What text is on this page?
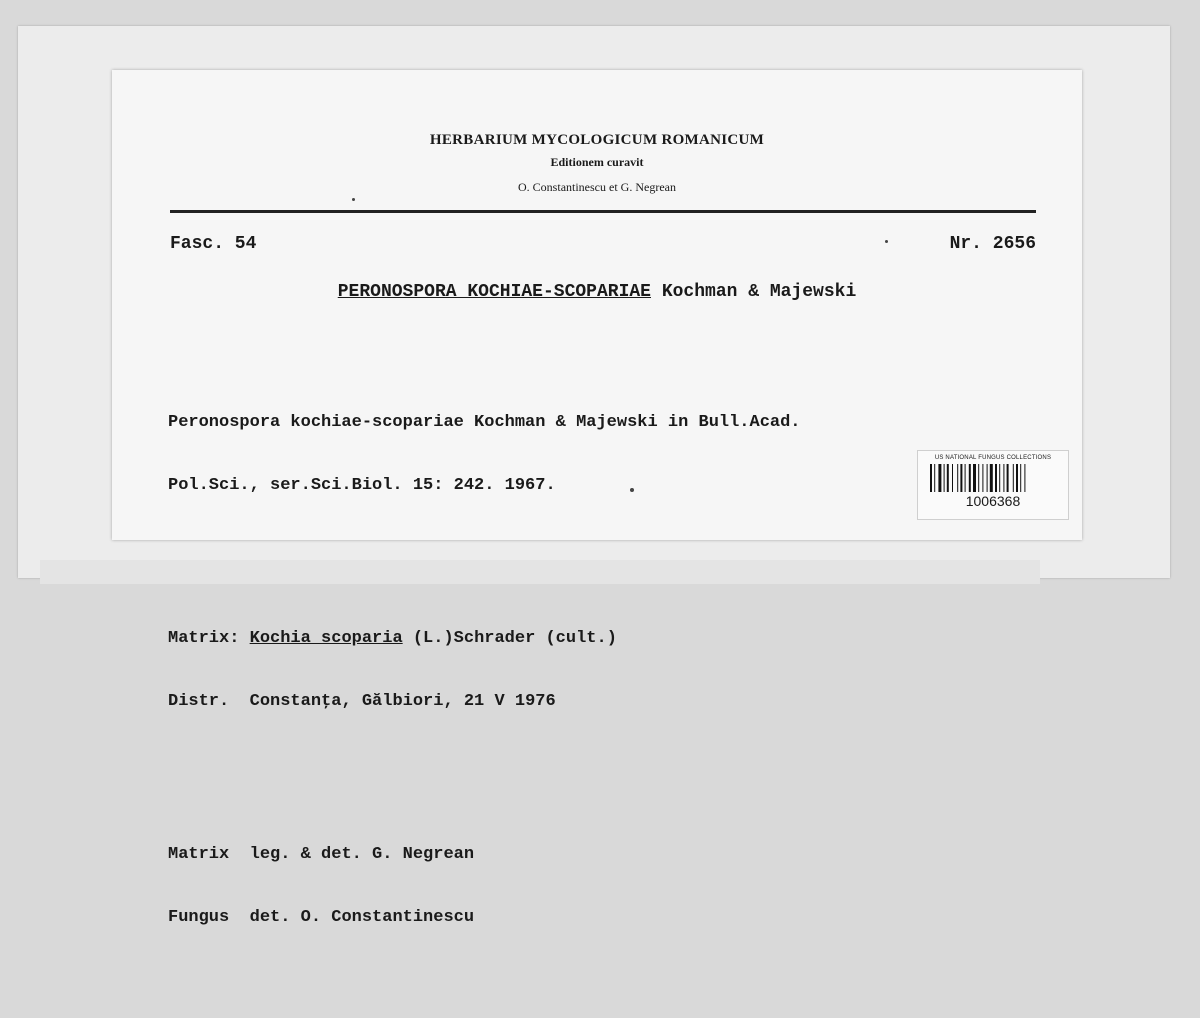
HERBARIUM MYCOLOGICUM ROMANICUM
Editionem curavit
O. Constantinescu et G. Negrean
Fasc. 54	Nr. 2656
PERONOSPORA KOCHIAE-SCOPARIAE Kochman & Majewski

Peronospora kochiae-scopariae Kochman & Majewski in Bull.Acad.

Pol.Sci., ser.Sci.Biol. 15: 242. 1967.

Matrix: Kochia scoparia (L.)Schrader (cult.)

Distr. Constanţa, Gălbiori, 21 V 1976

Matrix leg. & det. G. Negrean

Fungus det. O. Constantinescu

US NATIONAL FUNGUS COLLECTIONS
1006368
